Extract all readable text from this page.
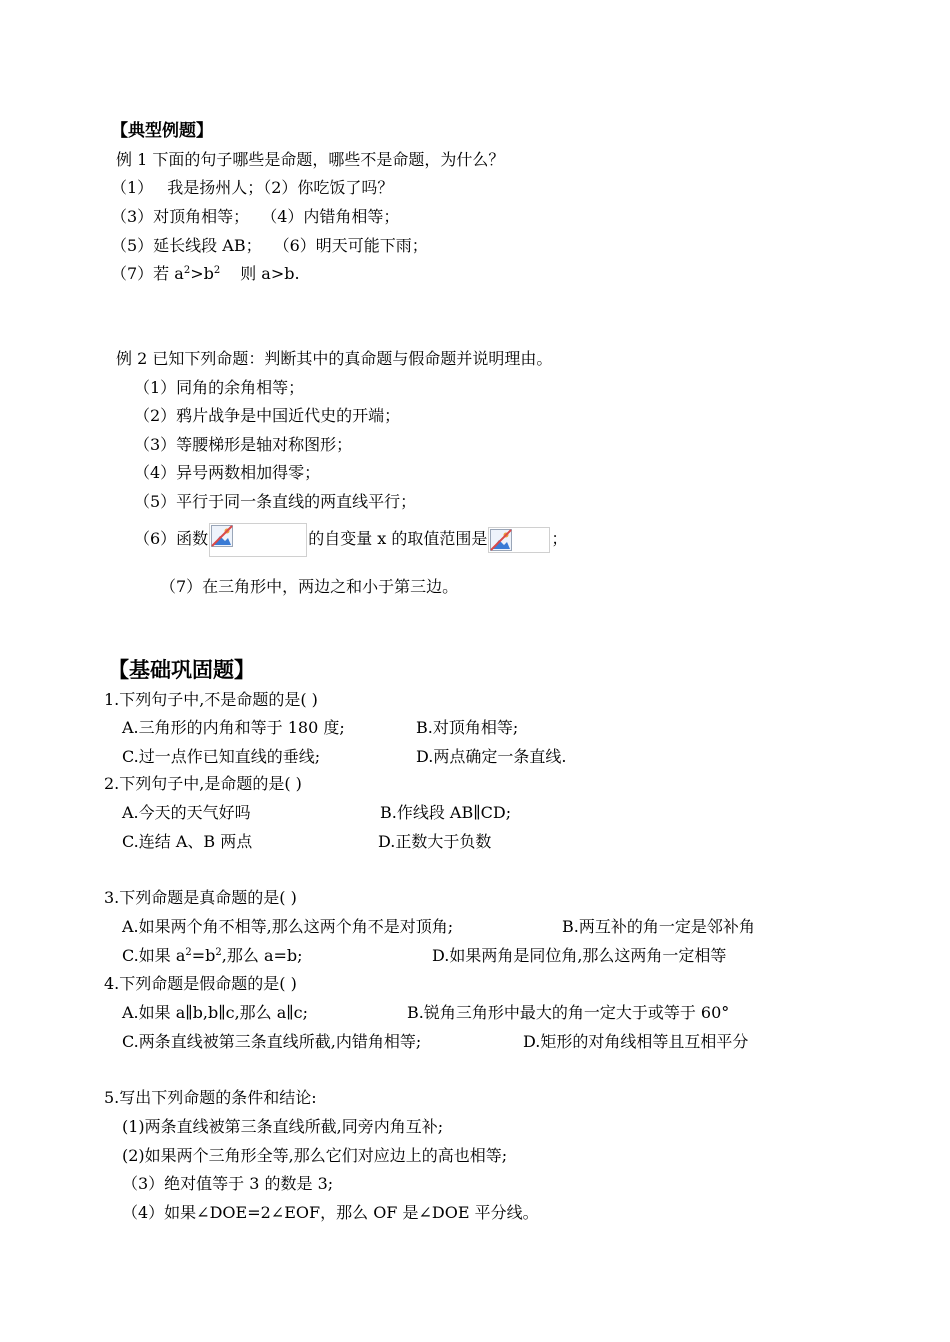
【典型例题】
例 1 下面的句子哪些是命题，哪些不是命题，为什么？
（1） 我是扬州人；（2）你吃饭了吗？
（3）对顶角相等； （4）内错角相等；
（5）延长线段 AB； （6）明天可能下雨；
（7）若 $a^2>b^2$ 则 a>b.
例 2 已知下列命题：判断其中的真命题与假命题并说明理由。
（1）同角的余角相等；
（2）鸦片战争是中国近代史的开端；
（3）等腰梯形是轴对称图形；
（4）异号两数相加得零；
（5）平行于同一条直线的两直线平行；
（6）函数	的自变量 x 的取值范围是	；
（7）在三角形中，两边之和小于第三边。
【基础巩固题】
1.下列句子中,不是命题的是( )
A.三角形的内角和等于 180 度;	B.对顶角相等;
C.过一点作已知直线的垂线;	D.两点确定一条直线.
2.下列句子中,是命题的是( )
A.今天的天气好吗	B.作线段 AB∥CD;
C.连结 A、B 两点	D.正数大于负数
3.下列命题是真命题的是( )
A.如果两个角不相等,那么这两个角不是对顶角;	B.两互补的角一定是邻补角
C.如果 $a^2=b^2$,那么 a=b;	D.如果两角是同位角,那么这两角一定相等
4.下列命题是假命题的是( )
A.如果 a∥b,b∥c,那么 a∥c;	B.锐角三角形中最大的角一定大于或等于 60°
C.两条直线被第三条直线所截,内错角相等;	D.矩形的对角线相等且互相平分
5.写出下列命题的条件和结论:
(1)两条直线被第三条直线所截,同旁内角互补;
(2)如果两个三角形全等,那么它们对应边上的高也相等;
（3）绝对值等于 3 的数是 3;
（4）如果∠DOE=2∠EOF，那么 OF 是∠DOE 平分线。
